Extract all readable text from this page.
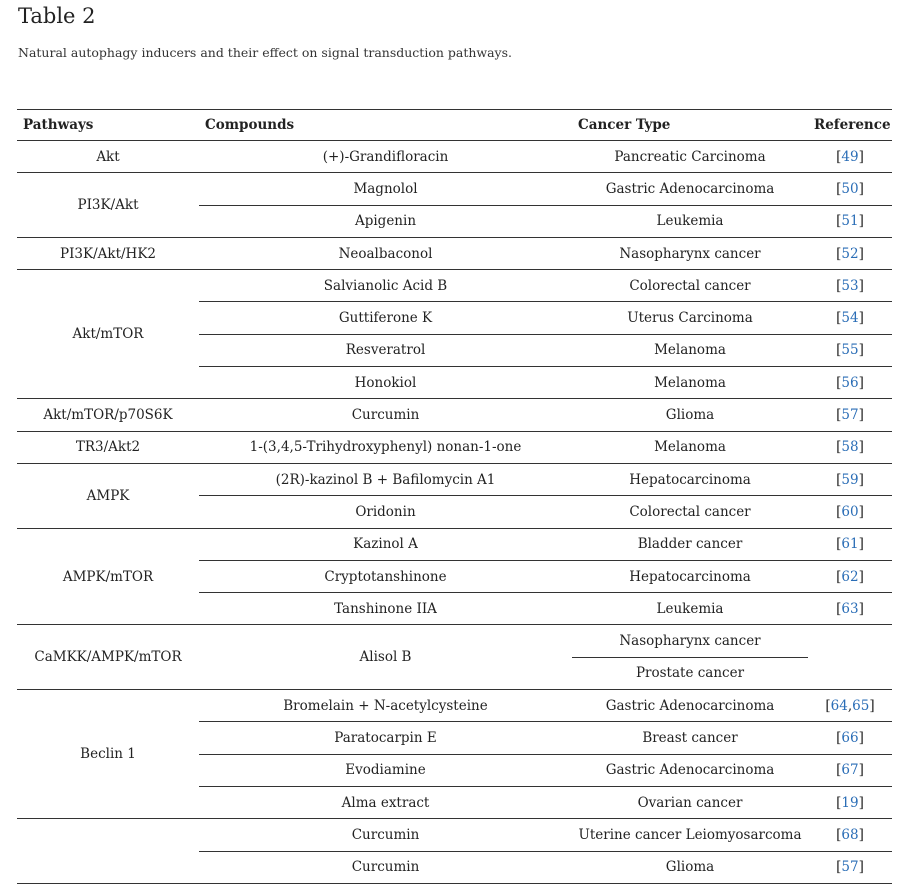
Table 2

Natural autophagy inducers and their effect on signal transduction pathways.

Pathways	Compounds	Cancer Type	Reference
Akt	(+)-Grandifloracin	Pancreatic Carcinoma	[49]
PI3K/Akt	Magnolol	Gastric Adenocarcinoma	[50]
	Apigenin	Leukemia	[51]
PI3K/Akt/HK2	Neoalbaconol	Nasopharynx cancer	[52]
Akt/mTOR	Salvianolic Acid B	Colorectal cancer	[53]
	Guttiferone K	Uterus Carcinoma	[54]
	Resveratrol	Melanoma	[55]
	Honokiol	Melanoma	[56]
Akt/mTOR/p70S6K	Curcumin	Glioma	[57]
TR3/Akt2	1-(3,4,5-Trihydroxyphenyl) nonan-1-one	Melanoma	[58]
AMPK	(2R)-kazinol B + Bafilomycin A1	Hepatocarcinoma	[59]
	Oridonin	Colorectal cancer	[60]
AMPK/mTOR	Kazinol A	Bladder cancer	[61]
	Cryptotanshinone	Hepatocarcinoma	[62]
	Tanshinone IIA	Leukemia	[63]
CaMKK/AMPK/mTOR	Alisol B	Nasopharynx cancer	
		Prostate cancer	
Beclin 1	Bromelain + N-acetylcysteine	Gastric Adenocarcinoma	[64,65]
	Paratocarpin E	Breast cancer	[66]
	Evodiamine	Gastric Adenocarcinoma	[67]
	Alma extract	Ovarian cancer	[19]
	Curcumin	Uterine cancer Leiomyosarcoma	[68]
	Curcumin	Glioma	[57]
